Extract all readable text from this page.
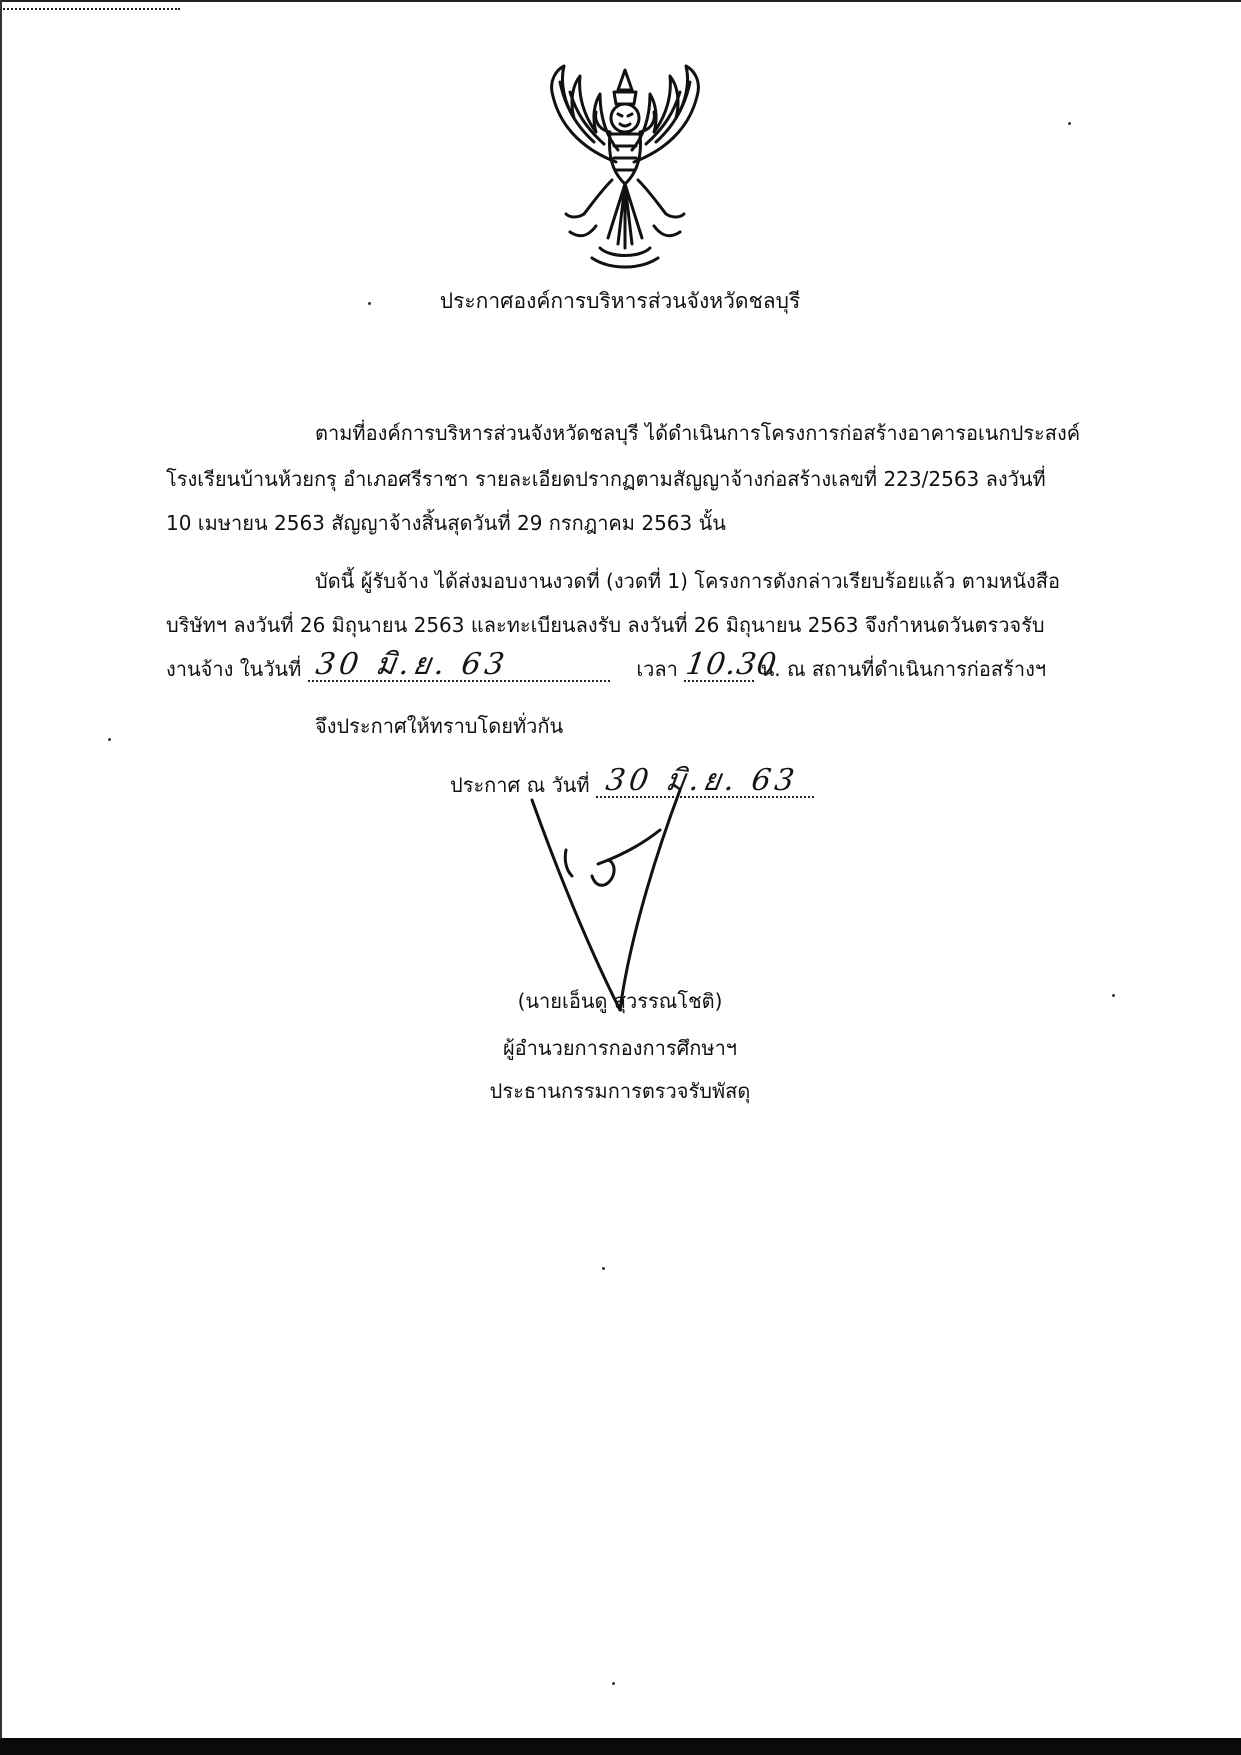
ประกาศองค์การบริหารส่วนจังหวัดชลบุรี
ตามที่องค์การบริหารส่วนจังหวัดชลบุรี ได้ดำเนินการโครงการก่อสร้างอาคารอเนกประสงค์
โรงเรียนบ้านห้วยกรุ อำเภอศรีราชา รายละเอียดปรากฏตามสัญญาจ้างก่อสร้างเลขที่ 223/2563 ลงวันที่
10 เมษายน 2563 สัญญาจ้างสิ้นสุดวันที่ 29 กรกฎาคม 2563 นั้น
บัดนี้ ผู้รับจ้าง ได้ส่งมอบงานงวดที่ (งวดที่ 1) โครงการดังกล่าวเรียบร้อยแล้ว ตามหนังสือ
บริษัทฯ ลงวันที่ 26 มิถุนายน 2563 และทะเบียนลงรับ ลงวันที่ 26 มิถุนายน 2563 จึงกำหนดวันตรวจรับ
งานจ้าง ในวันที่ 30 มิ.ย. 63	เวลา 10.30
น. ณ สถานที่ดำเนินการก่อสร้างฯ
จึงประกาศให้ทราบโดยทั่วกัน
ประกาศ ณ วันที่ 30 มิ.ย. 63
(นายเอ็นดู สุวรรณโชติ)
ผู้อำนวยการกองการศึกษาฯ
ประธานกรรมการตรวจรับพัสดุ
